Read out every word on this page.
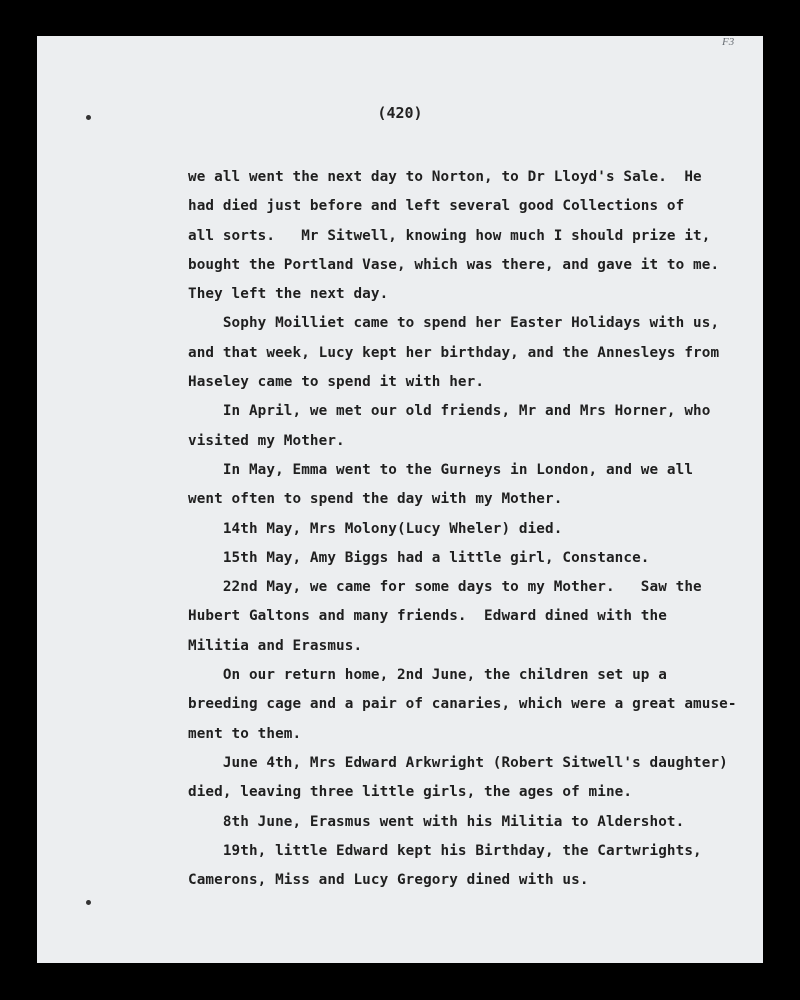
F3
(420)
we all went the next day to Norton, to Dr Lloyd's Sale.  He
had died just before and left several good Collections of
all sorts.   Mr Sitwell, knowing how much I should prize it,
bought the Portland Vase, which was there, and gave it to me.
They left the next day.
Sophy Moilliet came to spend her Easter Holidays with us,
and that week, Lucy kept her birthday, and the Annesleys from
Haseley came to spend it with her.
In April, we met our old friends, Mr and Mrs Horner, who
visited my Mother.
In May, Emma went to the Gurneys in London, and we all
went often to spend the day with my Mother.
14th May, Mrs Molony(Lucy Wheler) died.
15th May, Amy Biggs had a little girl, Constance.
22nd May, we came for some days to my Mother.   Saw the
Hubert Galtons and many friends.  Edward dined with the
Militia and Erasmus.
On our return home, 2nd June, the children set up a
breeding cage and a pair of canaries, which were a great amuse-
ment to them.
June 4th, Mrs Edward Arkwright (Robert Sitwell's daughter)
died, leaving three little girls, the ages of mine.
8th June, Erasmus went with his Militia to Aldershot.
19th, little Edward kept his Birthday, the Cartwrights,
Camerons, Miss and Lucy Gregory dined with us.
